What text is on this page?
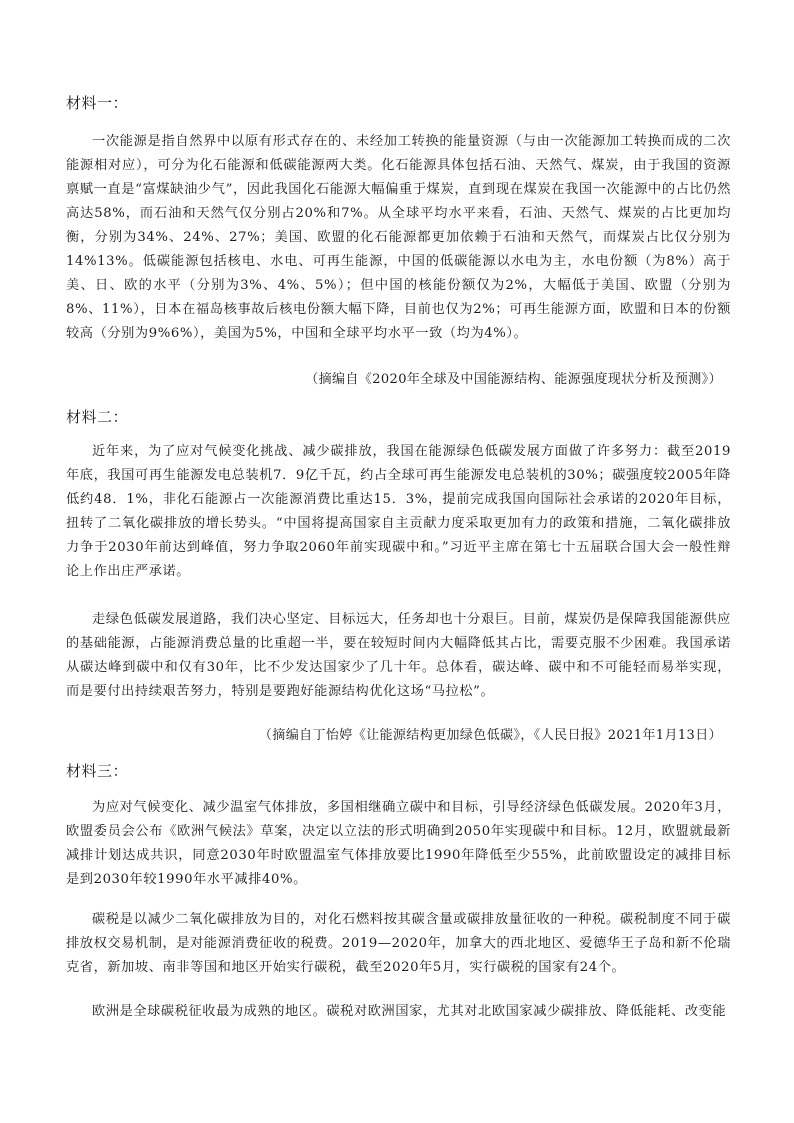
材料一：

一次能源是指自然界中以原有形式存在的、未经加工转换的能量资源（与由一次能源加工转换而成的二次能源相对应），可分为化石能源和低碳能源两大类。化石能源具体包括石油、天然气、煤炭，由于我国的资源禀赋一直是“富煤缺油少气”，因此我国化石能源大幅偏重于煤炭，直到现在煤炭在我国一次能源中的占比仍然高达58%，而石油和天然气仅分别占20%和7%。从全球平均水平来看，石油、天然气、煤炭的占比更加均衡，分别为34%、24%、27%；美国、欧盟的化石能源都更加依赖于石油和天然气，而煤炭占比仅分别为14%13%。低碳能源包括核电、水电、可再生能源，中国的低碳能源以水电为主，水电份额（为8%）高于美、日、欧的水平（分别为3%、4%、5%）；但中国的核能份额仅为2%，大幅低于美国、欧盟（分别为8%、11%），日本在福岛核事故后核电份额大幅下降，目前也仅为2%；可再生能源方面，欧盟和日本的份额较高（分别为9%6%），美国为5%，中国和全球平均水平一致（均为4%）。

（摘编自《2020年全球及中国能源结构、能源强度现状分析及预测》）
材料二：

近年来，为了应对气候变化挑战、减少碳排放，我国在能源绿色低碳发展方面做了许多努力：截至2019年底，我国可再生能源发电总装机7．9亿千瓦，约占全球可再生能源发电总装机的30%；碳强度较2005年降低约48．1%，非化石能源占一次能源消费比重达15．3%，提前完成我国向国际社会承诺的2020年目标，扭转了二氧化碳排放的增长势头。“中国将提高国家自主贡献力度采取更加有力的政策和措施，二氧化碳排放力争于2030年前达到峰值，努力争取2060年前实现碳中和。”习近平主席在第七十五届联合国大会一般性辩论上作出庄严承诺。

走绿色低碳发展道路，我们决心坚定、目标远大，任务却也十分艰巨。目前，煤炭仍是保障我国能源供应的基础能源，占能源消费总量的比重超一半，要在较短时间内大幅降低其占比，需要克服不少困难。我国承诺从碳达峰到碳中和仅有30年，比不少发达国家少了几十年。总体看，碳达峰、碳中和不可能轻而易举实现，而是要付出持续艰苦努力，特别是要跑好能源结构优化这场“马拉松”。

（摘编自丁怡婷《让能源结构更加绿色低碳》，《人民日报》2021年1月13日）
材料三：

为应对气候变化、减少温室气体排放，多国相继确立碳中和目标，引导经济绿色低碳发展。2020年3月，欧盟委员会公布《欧洲气候法》草案，决定以立法的形式明确到2050年实现碳中和目标。12月，欧盟就最新减排计划达成共识，同意2030年时欧盟温室气体排放要比1990年降低至少55%，此前欧盟设定的减排目标是到2030年较1990年水平减排40%。

碳税是以减少二氧化碳排放为目的，对化石燃料按其碳含量或碳排放量征收的一种税。碳税制度不同于碳排放权交易机制，是对能源消费征收的税费。2019—2020年，加拿大的西北地区、爱德华王子岛和新不伦瑞克省，新加坡、南非等国和地区开始实行碳税，截至2020年5月，实行碳税的国家有24个。

欧洲是全球碳税征收最为成熟的地区。碳税对欧洲国家，尤其对北欧国家减少碳排放、降低能耗、改变能
